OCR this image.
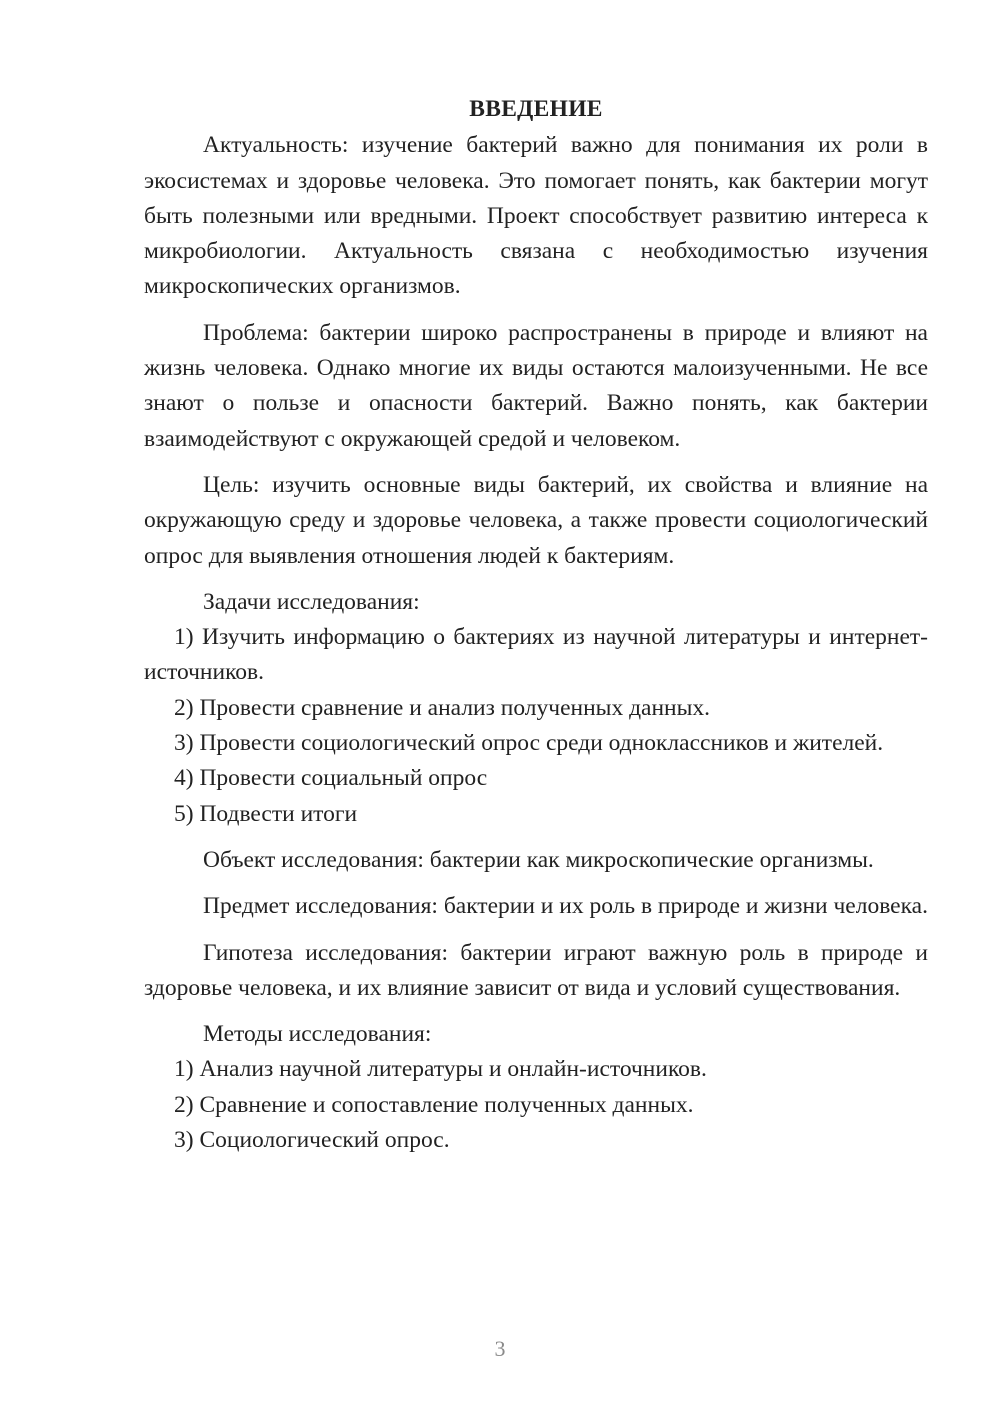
ВВЕДЕНИЕ

Актуальность: изучение бактерий важно для понимания их роли в экосистемах и здоровье человека. Это помогает понять, как бактерии могут быть полезными или вредными. Проект способствует развитию интереса к микробиологии. Актуальность связана с необходимостью изучения микроскопических организмов.

Проблема: бактерии широко распространены в природе и влияют на жизнь человека. Однако многие их виды остаются малоизученными. Не все знают о пользе и опасности бактерий. Важно понять, как бактерии взаимодействуют с окружающей средой и человеком.

Цель: изучить основные виды бактерий, их свойства и влияние на окружающую среду и здоровье человека, а также провести социологический опрос для выявления отношения людей к бактериям.

Задачи исследования:

1) Изучить информацию о бактериях из научной литературы и интернет-источников.
2) Провести сравнение и анализ полученных данных.
3) Провести социологический опрос среди одноклассников и жителей.
4) Провести социальный опрос
5) Подвести итоги

Объект исследования: бактерии как микроскопические организмы.

Предмет исследования: бактерии и их роль в природе и жизни человека.

Гипотеза исследования: бактерии играют важную роль в природе и здоровье человека, и их влияние зависит от вида и условий существования.

Методы исследования:

1) Анализ научной литературы и онлайн-источников.
2) Сравнение и сопоставление полученных данных.
3) Социологический опрос.
3
